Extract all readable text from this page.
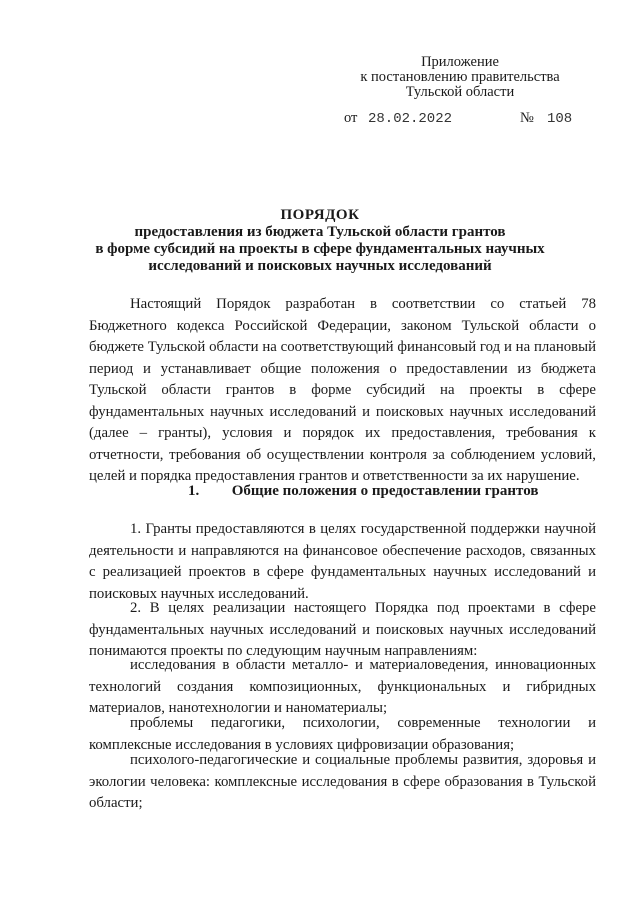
Приложение
к постановлению правительства
Тульской области
от 28.02.2022	№ 108
ПОРЯДОК
предоставления из бюджета Тульской области грантов
в форме субсидий на проекты в сфере фундаментальных научных
исследований и поисковых научных исследований

Настоящий Порядок разработан в соответствии со статьей 78 Бюджетного кодекса Российской Федерации, законом Тульской области о бюджете Тульской области на соответствующий финансовый год и на плановый период и устанавливает общие положения о предоставлении из бюджета Тульской области грантов в форме субсидий на проекты в сфере фундаментальных научных исследований и поисковых научных исследований (далее – гранты), условия и порядок их предоставления, требования к отчетности, требования об осуществлении контроля за соблюдением условий, целей и порядка предоставления грантов и ответственности за их нарушение.

1. Общие положения о предоставлении грантов

1. Гранты предоставляются в целях государственной поддержки научной деятельности и направляются на финансовое обеспечение расходов, связанных с реализацией проектов в сфере фундаментальных научных исследований и поисковых научных исследований.

2. В целях реализации настоящего Порядка под проектами в сфере фундаментальных научных исследований и поисковых научных исследований понимаются проекты по следующим научным направлениям:

исследования в области металло- и материаловедения, инновационных технологий создания композиционных, функциональных и гибридных материалов, нанотехнологии и наноматериалы;

проблемы педагогики, психологии, современные технологии и комплексные исследования в условиях цифровизации образования;

психолого-педагогические и социальные проблемы развития, здоровья и экологии человека: комплексные исследования в сфере образования в Тульской области;
